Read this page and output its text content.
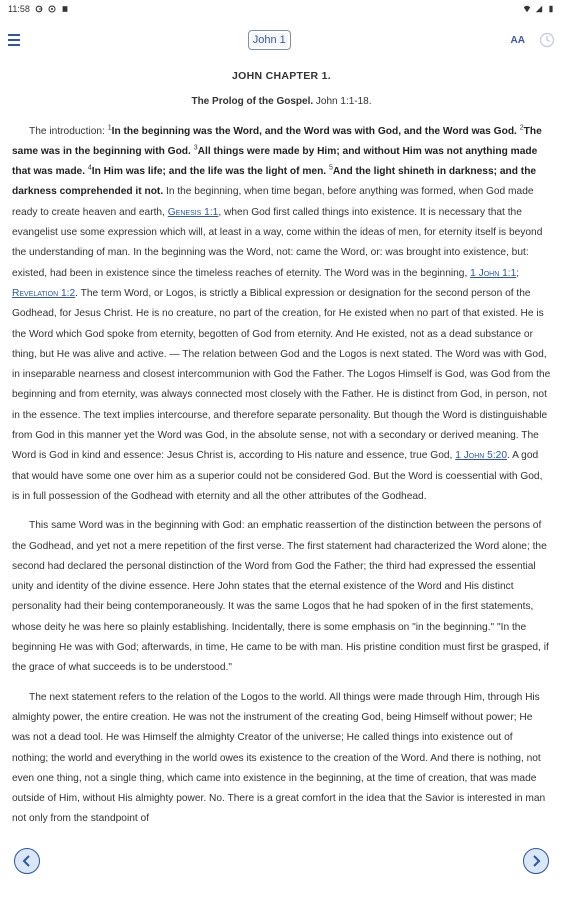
11:58
John 1	AA
JOHN CHAPTER 1.
The Prolog of the Gospel. John 1:1-18.

The introduction: $^1$In the beginning was the Word, and the Word was with God, and the Word was God. $^2$The same was in the beginning with God. $^3$All things were made by Him; and without Him was not anything made that was made. $^4$In Him was life; and the life was the light of men. $^5$And the light shineth in darkness; and the darkness comprehended it not. In the beginning, when time began, before anything was formed, when God made ready to create heaven and earth, Genesis 1:1, when God first called things into existence. It is necessary that the evangelist use some expression which will, at least in a way, come within the ideas of men, for eternity itself is beyond the understanding of man. In the beginning was the Word, not: came the Word, or: was brought into existence, but: existed, had been in existence since the timeless reaches of eternity. The Word was in the beginning, 1 John 1:1; Revelation 1:2. The term Word, or Logos, is strictly a Biblical expression or designation for the second person of the Godhead, for Jesus Christ. He is no creature, no part of the creation, for He existed when no part of that existed. He is the Word which God spoke from eternity, begotten of God from eternity. And He existed, not as a dead substance or thing, but He was alive and active. — The relation between God and the Logos is next stated. The Word was with God, in inseparable nearness and closest intercommunion with God the Father. The Logos Himself is God, was God from the beginning and from eternity, was always connected most closely with the Father. He is distinct from God, in person, not in the essence. The text implies intercourse, and therefore separate personality. But though the Word is distinguishable from God in this manner yet the Word was God, in the absolute sense, not with a secondary or derived meaning. The Word is God in kind and essence: Jesus Christ is, according to His nature and essence, true God, 1 John 5:20. A god that would have some one over him as a superior could not be considered God. But the Word is coessential with God, is in full possession of the Godhead with eternity and all the other attributes of the Godhead.

This same Word was in the beginning with God: an emphatic reassertion of the distinction between the persons of the Godhead, and yet not a mere repetition of the first verse. The first statement had characterized the Word alone; the second had declared the personal distinction of the Word from God the Father; the third had expressed the essential unity and identity of the divine essence. Here John states that the eternal existence of the Word and His distinct personality had their being contemporaneously. It was the same Logos that he had spoken of in the first statements, whose deity he was here so plainly establishing. Incidentally, there is some emphasis on "in the beginning." "In the beginning He was with God; afterwards, in time, He came to be with man. His pristine condition must first be grasped, if the grace of what succeeds is to be understood."

The next statement refers to the relation of the Logos to the world. All things were made through Him, through His almighty power, the entire creation. He was not the instrument of the creating God, being Himself without power; He was not a dead tool. He was Himself the almighty Creator of the universe; He called things into existence out of nothing; the world and everything in the world owes its existence to the creation of the Word. And there is nothing, not even one thing, not a single thing, which came into existence in the beginning, at the time of creation, that was made outside of Him, without His almighty power. No. There is a great comfort in the idea that the Savior is interested in man not only from the standpoint of
